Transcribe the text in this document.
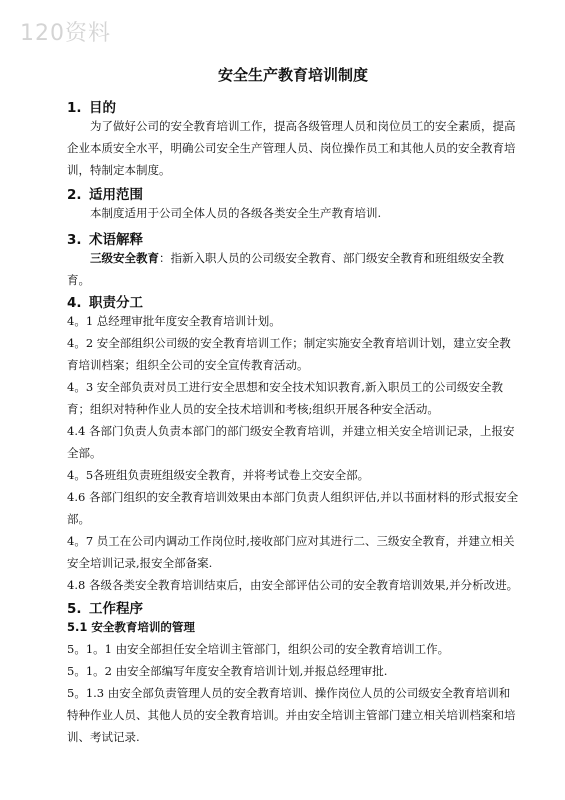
120资料
安全生产教育培训制度
1. 目的

为了做好公司的安全教育培训工作，提高各级管理人员和岗位员工的安全素质，提高企业本质安全水平，明确公司安全生产管理人员、岗位操作员工和其他人员的安全教育培训，特制定本制度。

2. 适用范围

本制度适用于公司全体人员的各级各类安全生产教育培训.

3. 术语解释

三级安全教育：指新入职人员的公司级安全教育、部门级安全教育和班组级安全教育。

4. 职责分工

4。1 总经理审批年度安全教育培训计划。

4。2 安全部组织公司级的安全教育培训工作；制定实施安全教育培训计划，建立安全教育培训档案；组织全公司的安全宣传教育活动。

4。3 安全部负责对员工进行安全思想和安全技术知识教育,新入职员工的公司级安全教育；组织对特种作业人员的安全技术培训和考核;组织开展各种安全活动。

4.4 各部门负责人负责本部门的部门级安全教育培训，并建立相关安全培训记录，上报安全部。

4。5各班组负责班组级安全教育，并将考试卷上交安全部。

4.6 各部门组织的安全教育培训效果由本部门负责人组织评估,并以书面材料的形式报安全部。

4。7 员工在公司内调动工作岗位时,接收部门应对其进行二、三级安全教育，并建立相关安全培训记录,报安全部备案.

4.8 各级各类安全教育培训结束后，由安全部评估公司的安全教育培训效果,并分析改进。

5. 工作程序
5.1 安全教育培训的管理

5。1。1 由安全部担任安全培训主管部门，组织公司的安全教育培训工作。

5。1。2 由安全部编写年度安全教育培训计划,并报总经理审批.

5。1.3 由安全部负责管理人员的安全教育培训、操作岗位人员的公司级安全教育培训和特种作业人员、其他人员的安全教育培训。并由安全培训主管部门建立相关培训档案和培训、考试记录.
